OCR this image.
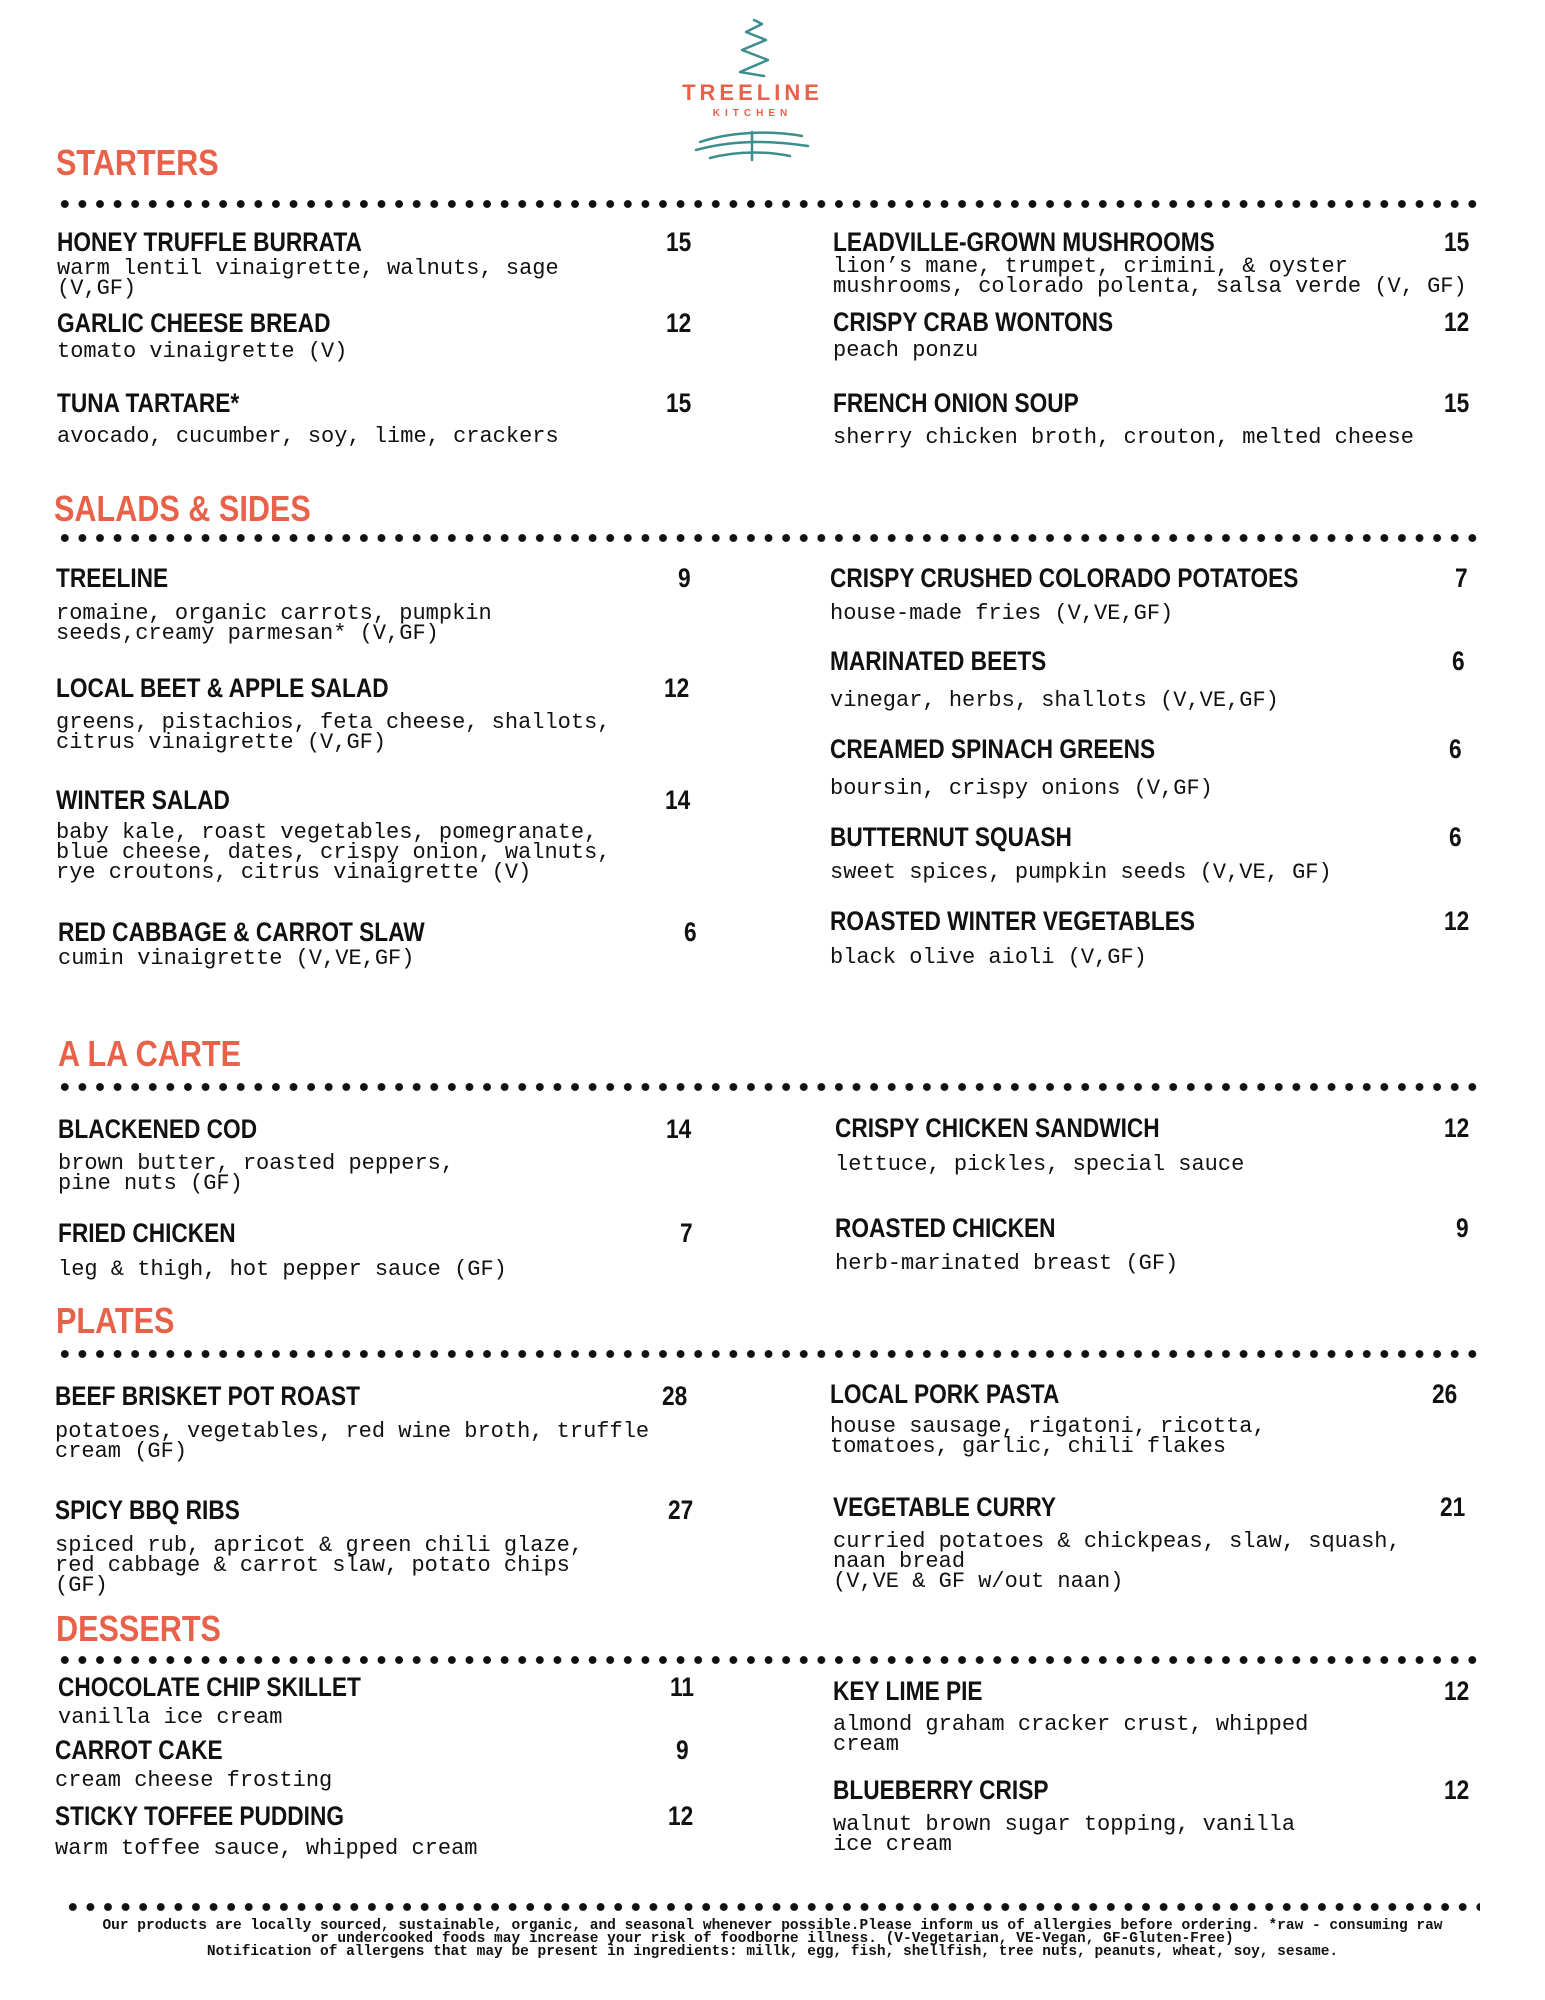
TREELINE
KITCHEN
STARTERS
HONEY TRUFFLE BURRATA	15
warm lentil vinaigrette, walnuts, sage
(V,GF)
GARLIC CHEESE BREAD	12
tomato vinaigrette (V)
TUNA TARTARE*	15
avocado, cucumber, soy, lime, crackers
LEADVILLE-GROWN MUSHROOMS	15
lion’s mane, trumpet, crimini, & oyster
mushrooms, colorado polenta, salsa verde (V, GF)
CRISPY CRAB WONTONS	12
peach ponzu
FRENCH ONION SOUP	15
sherry chicken broth, crouton, melted cheese
SALADS & SIDES
TREELINE	9
romaine, organic carrots, pumpkin
seeds,creamy parmesan* (V,GF)
LOCAL BEET & APPLE SALAD	12
greens, pistachios, feta cheese, shallots,
citrus vinaigrette (V,GF)
WINTER SALAD	14
baby kale, roast vegetables, pomegranate,
blue cheese, dates, crispy onion, walnuts,
rye croutons, citrus vinaigrette (V)
RED CABBAGE & CARROT SLAW	6
cumin vinaigrette (V,VE,GF)
CRISPY CRUSHED COLORADO POTATOES	7
house-made fries (V,VE,GF)
MARINATED BEETS	6
vinegar, herbs, shallots (V,VE,GF)
CREAMED SPINACH GREENS	6
boursin, crispy onions (V,GF)
BUTTERNUT SQUASH	6
sweet spices, pumpkin seeds (V,VE, GF)
ROASTED WINTER VEGETABLES	12
black olive aioli (V,GF)
A LA CARTE
BLACKENED COD	14
brown butter, roasted peppers,
pine nuts (GF)
FRIED CHICKEN	7
leg & thigh, hot pepper sauce (GF)
CRISPY CHICKEN SANDWICH	12
lettuce, pickles, special sauce
ROASTED CHICKEN	9
herb-marinated breast (GF)
PLATES
BEEF BRISKET POT ROAST	28
potatoes, vegetables, red wine broth, truffle
cream (GF)
SPICY BBQ RIBS	27
spiced rub, apricot & green chili glaze,
red cabbage & carrot slaw, potato chips
(GF)
LOCAL PORK PASTA	26
house sausage, rigatoni, ricotta,
tomatoes, garlic, chili flakes
VEGETABLE CURRY	21
curried potatoes & chickpeas, slaw, squash,
naan bread
(V,VE & GF w/out naan)
DESSERTS
CHOCOLATE CHIP SKILLET	11
vanilla ice cream
CARROT CAKE	9
cream cheese frosting
STICKY TOFFEE PUDDING	12
warm toffee sauce, whipped cream
KEY LIME PIE	12
almond graham cracker crust, whipped
cream
BLUEBERRY CRISP	12
walnut brown sugar topping, vanilla
ice cream
Our products are locally sourced, sustainable, organic, and seasonal whenever possible.Please inform us of allergies before ordering. *raw - consuming raw
or undercooked foods may increase your risk of foodborne illness. (V-Vegetarian, VE-Vegan, GF-Gluten-Free)
Notification of allergens that may be present in ingredients: millk, egg, fish, shellfish, tree nuts, peanuts, wheat, soy, sesame.
